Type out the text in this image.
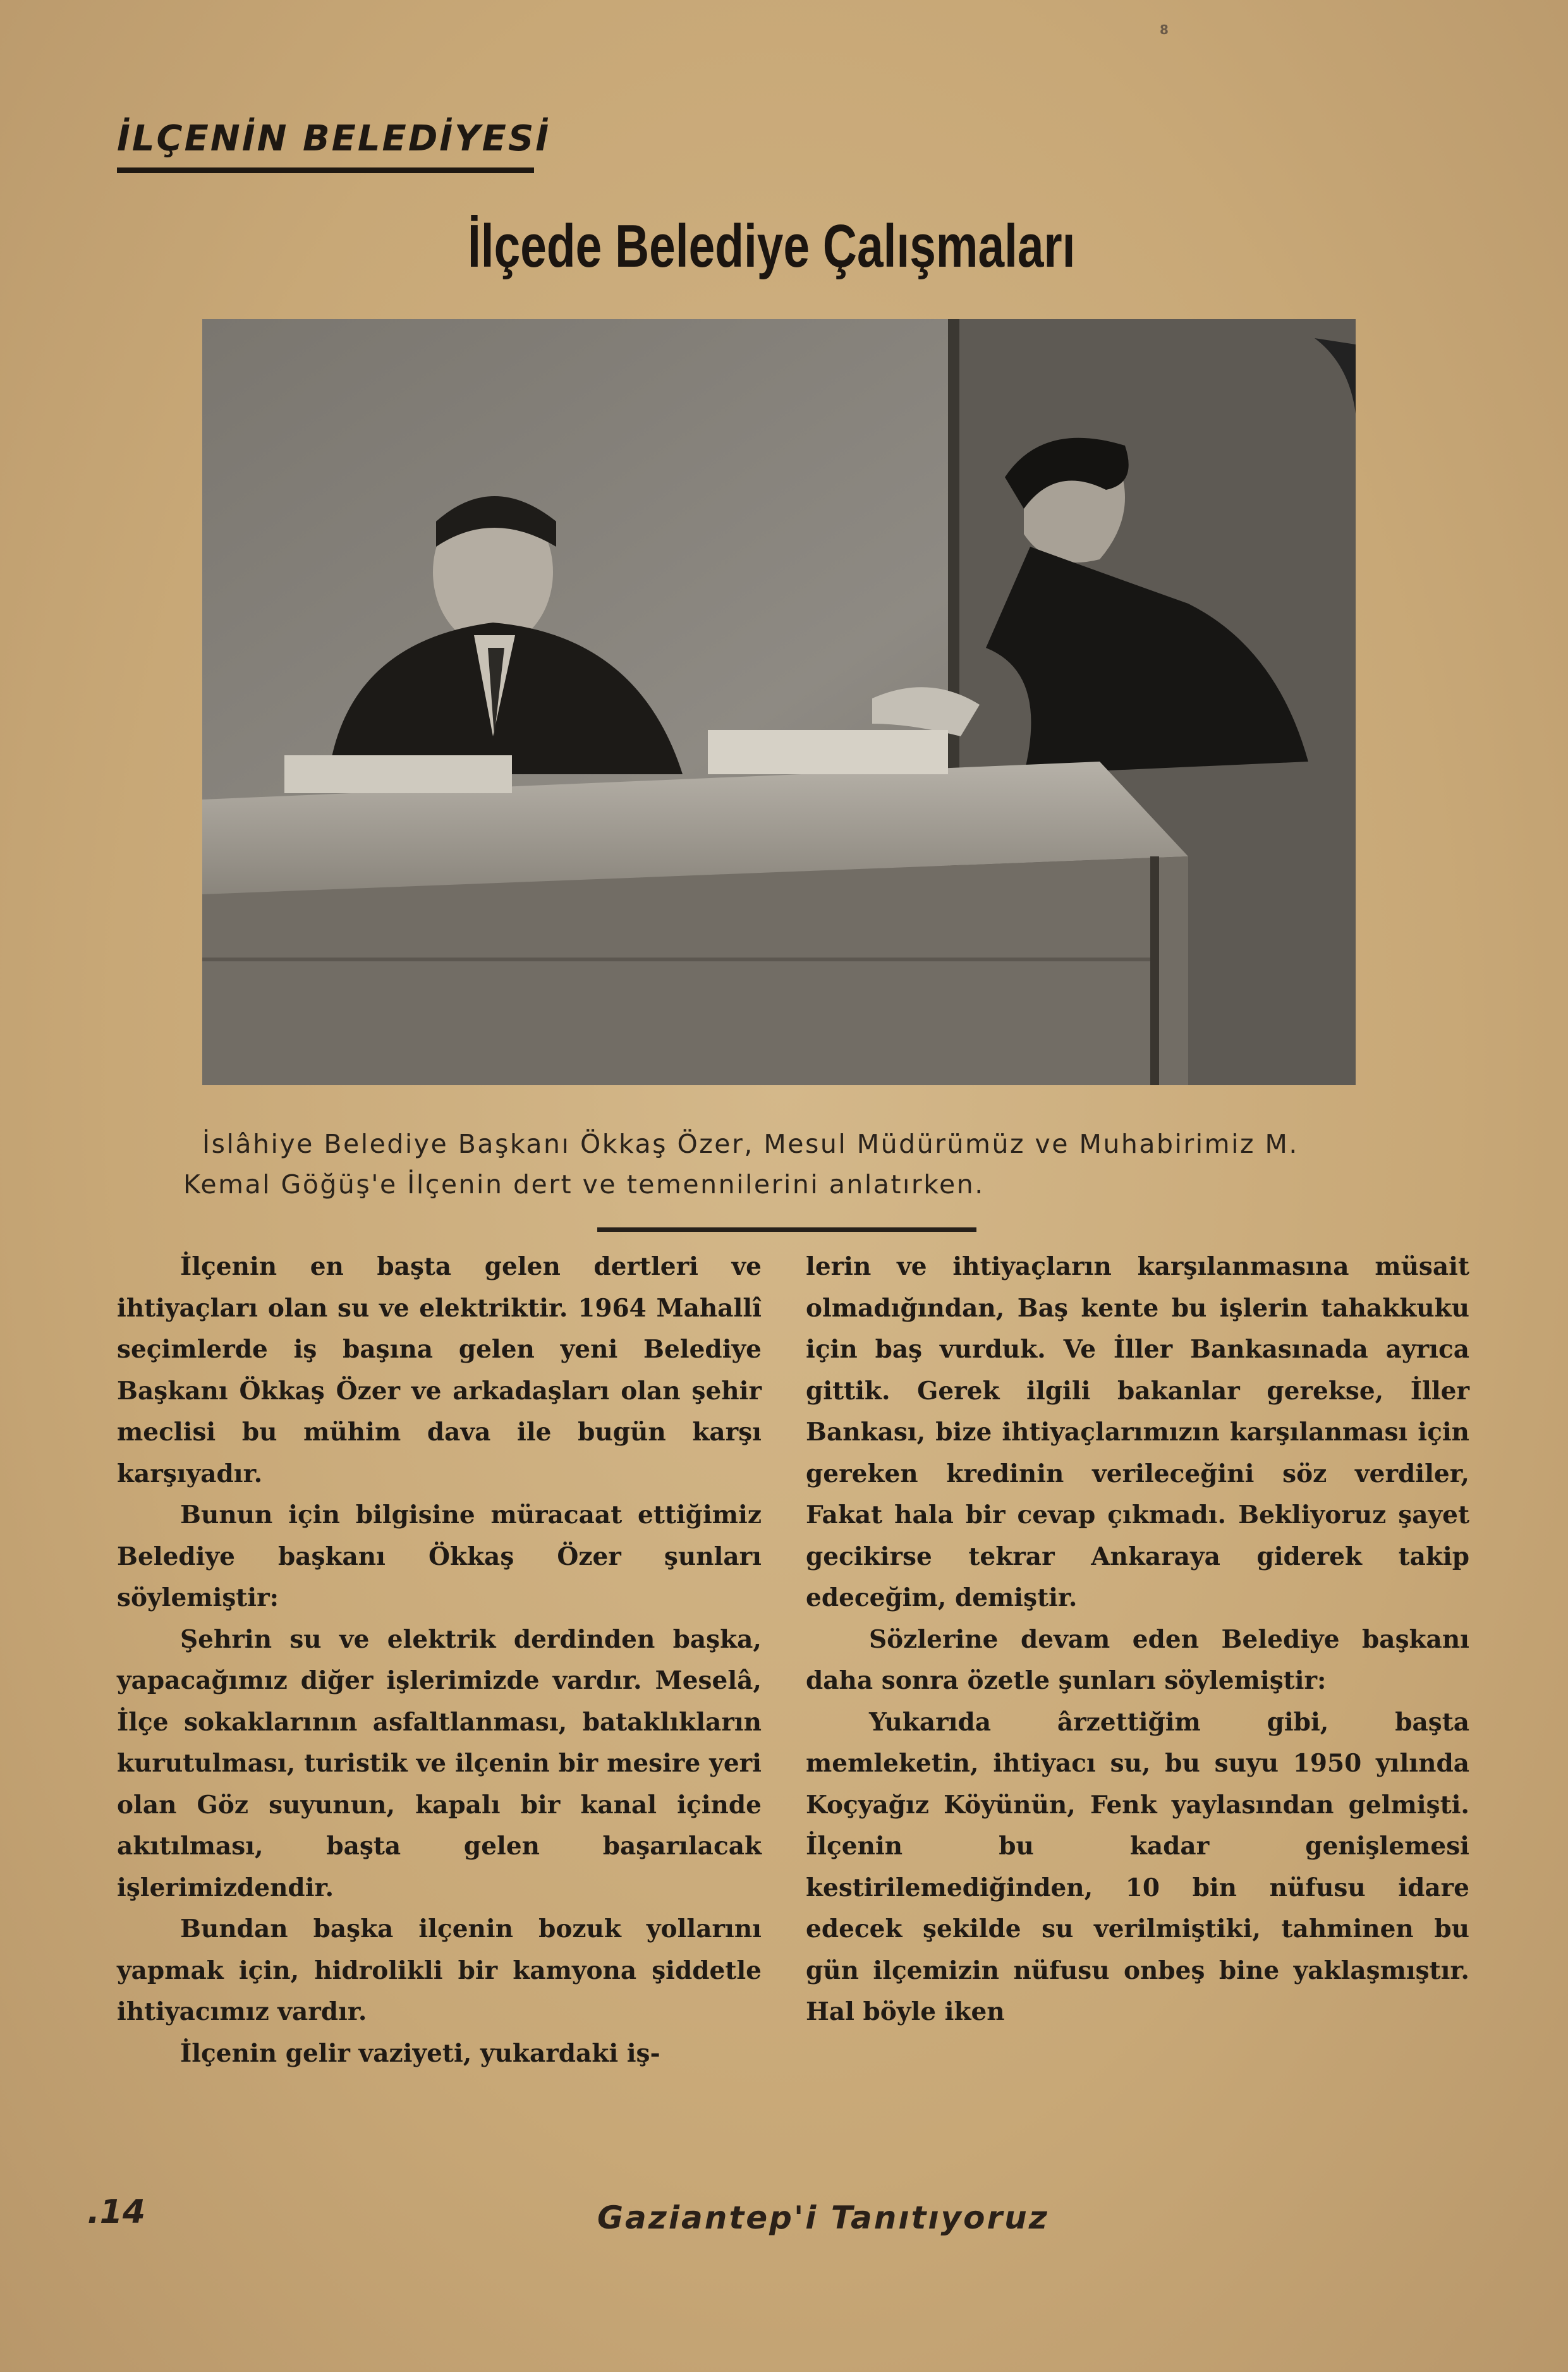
8
İLÇENİN BELEDİYESİ
İlçede Belediye Çalışmaları
İslâhiye Belediye Başkanı Ökkaş Özer, Mesul Müdürümüz ve Muhabirimiz M.
Kemal Göğüş'e İlçenin dert ve temennilerini anlatırken.

İlçenin en başta gelen dertleri ve ihtiyaçları olan su ve elektriktir. 1964 Mahallî seçimlerde iş başına gelen yeni Belediye Başkanı Ökkaş Özer ve arkadaşları olan şehir meclisi bu mühim dava ile bugün karşı karşıyadır.

Bunun için bilgisine müracaat ettiğimiz Belediye başkanı Ökkaş Özer şunları söylemiştir:

Şehrin su ve elektrik derdinden başka, yapacağımız diğer işlerimizde vardır. Meselâ, İlçe sokaklarının asfaltlanması, bataklıkların kurutulması, turistik ve ilçenin bir mesire yeri olan Göz suyunun, kapalı bir kanal içinde akıtılması, başta gelen başarılacak işlerimizdendir.

Bundan başka ilçenin bozuk yollarını yapmak için, hidrolikli bir kamyona şiddetle ihtiyacımız vardır.

İlçenin gelir vaziyeti, yukardaki iş-

lerin ve ihtiyaçların karşılanmasına müsait olmadığından, Baş kente bu işlerin tahakkuku için baş vurduk. Ve İller Bankasınada ayrıca gittik. Gerek ilgili bakanlar gerekse, İller Bankası, bize ihtiyaçlarımızın karşılanması için gereken kredinin verileceğini söz verdiler, Fakat hala bir cevap çıkmadı. Bekliyoruz şayet gecikirse tekrar Ankaraya giderek takip edeceğim, demiştir.

Sözlerine devam eden Belediye başkanı daha sonra özetle şunları söylemiştir:

Yukarıda ârzettiğim gibi, başta memleketin, ihtiyacı su, bu suyu 1950 yılında Koçyağız Köyünün, Fenk yaylasından gelmişti. İlçenin bu kadar genişlemesi kestirilemediğinden, 10 bin nüfusu idare edecek şekilde su verilmiştiki, tahminen bu gün ilçemizin nüfusu onbeş bine yaklaşmıştır. Hal böyle iken

.14	Gaziantep'i Tanıtıyoruz
